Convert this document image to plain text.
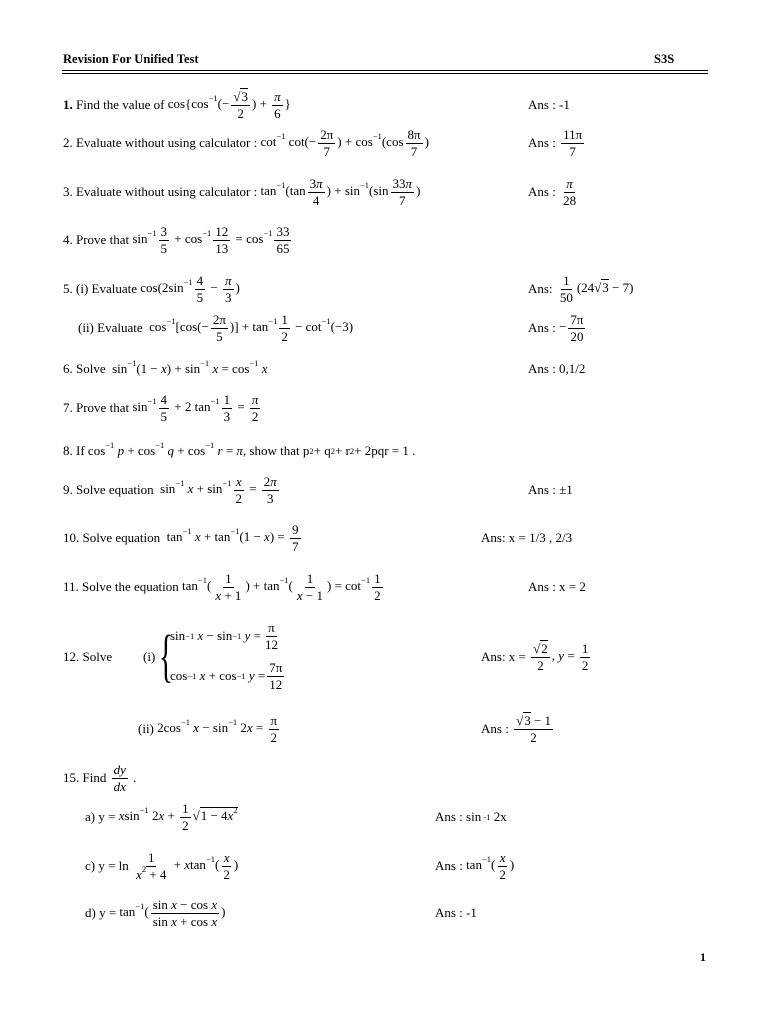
Revision For Unified Test	S3S
1.
Find the value of
$\cos\{\cos^{-1}(- \frac{√3}{2}$ ) + $\frac{\pi}{6}$ }	Ans : -1
2. Evaluate without using calculator :
$\cot^{-1} \cot(- \frac{2\pi}{7}$ ) + $\cos^{-1}(\cos \frac{8\pi}{7}$ )	Ans :
$\frac{11\pi}{7}$
3. Evaluate without using calculator :
$\tan^{-1}(\tan \frac{3\pi}{4}$ ) + $\sin^{-1}(\sin \frac{33\pi}{7}$ )	Ans :
$\frac{\pi}{28}$
4. Prove that
$\sin^{-1} \frac{3}{5} + \cos^{-1} \frac{12}{13} = \cos^{-1} \frac{33}{65}$
5. (i) Evaluate
$\cos(2\sin^{-1} \frac{4}{5} - \frac{\pi}{3}$ )	Ans:
$\frac{1}{50} (24√3 - 7)$
(ii) Evaluate
$\cos^{-1}[\cos(- \frac{2\pi}{5}$ )] + $\tan^{-1} \frac{1}{2} - \cot^{-1}(-3)$	Ans :
− $\frac{7\pi}{20}$
6. Solve
$\sin^{-1}(1 - x) + \sin^{-1} x = \cos^{-1} x$	Ans : 0,1/2
7. Prove that
$\sin^{-1} \frac{4}{5} + 2$ $\tan^{-1} \frac{1}{3} = \frac{\pi}{2}$
8. If
$\cos^{-1} p + \cos^{-1} q + \cos^{-1} r = \pi$ , show that p 2 + q 2 + r 2 + 2pqr = 1 .
9. Solve equation
$\sin^{-1} x + \sin^{-1} \frac{x}{2} = \frac{2\pi}{3}$	Ans :
±1
10. Solve equation
$\tan^{-1} x + \tan^{-1}(1 - x) = \frac{9}{7}$	Ans: x = 1/3 , 2/3
11. Solve the equation
$\tan^{-1}( \frac{1}{x + 1}$ ) + $\tan^{-1}( \frac{1}{x - 1}$ ) = $\cot^{-1} \frac{1}{2}$	Ans : x = 2
12. Solve (i) {
sin −1
x − sin −1
$y = \frac{\pi}{12}$
cos −1
x + cos −1
$y = \frac{7\pi}{12}$
Ans: x =
$\frac{√2}{2}$ , $y = \frac{1}{2}$
(ii)
$2\cos^{-1}$ $x - \sin^{-1} 2x = \frac{\pi}{2}$	Ans :
$\frac{√3 - 1}{2}$
15. Find
$\frac{dy}{dx}$ .
a) y =
xsin$^{-1}$ $2x + \frac{1}{2} √1 - 4x^2$	Ans : sin -1 2x
c) y = ln
$\frac{1}{x^2 + 4} + xtan^{-1}( \frac{x}{2}$ )	Ans :
$\tan^{-1}( \frac{x}{2}$ )
d) y =
$\tan^{-1}( \frac{\text{sin x − cos x}}{\text{sin x + cos x}}$ )	Ans : -1
1
